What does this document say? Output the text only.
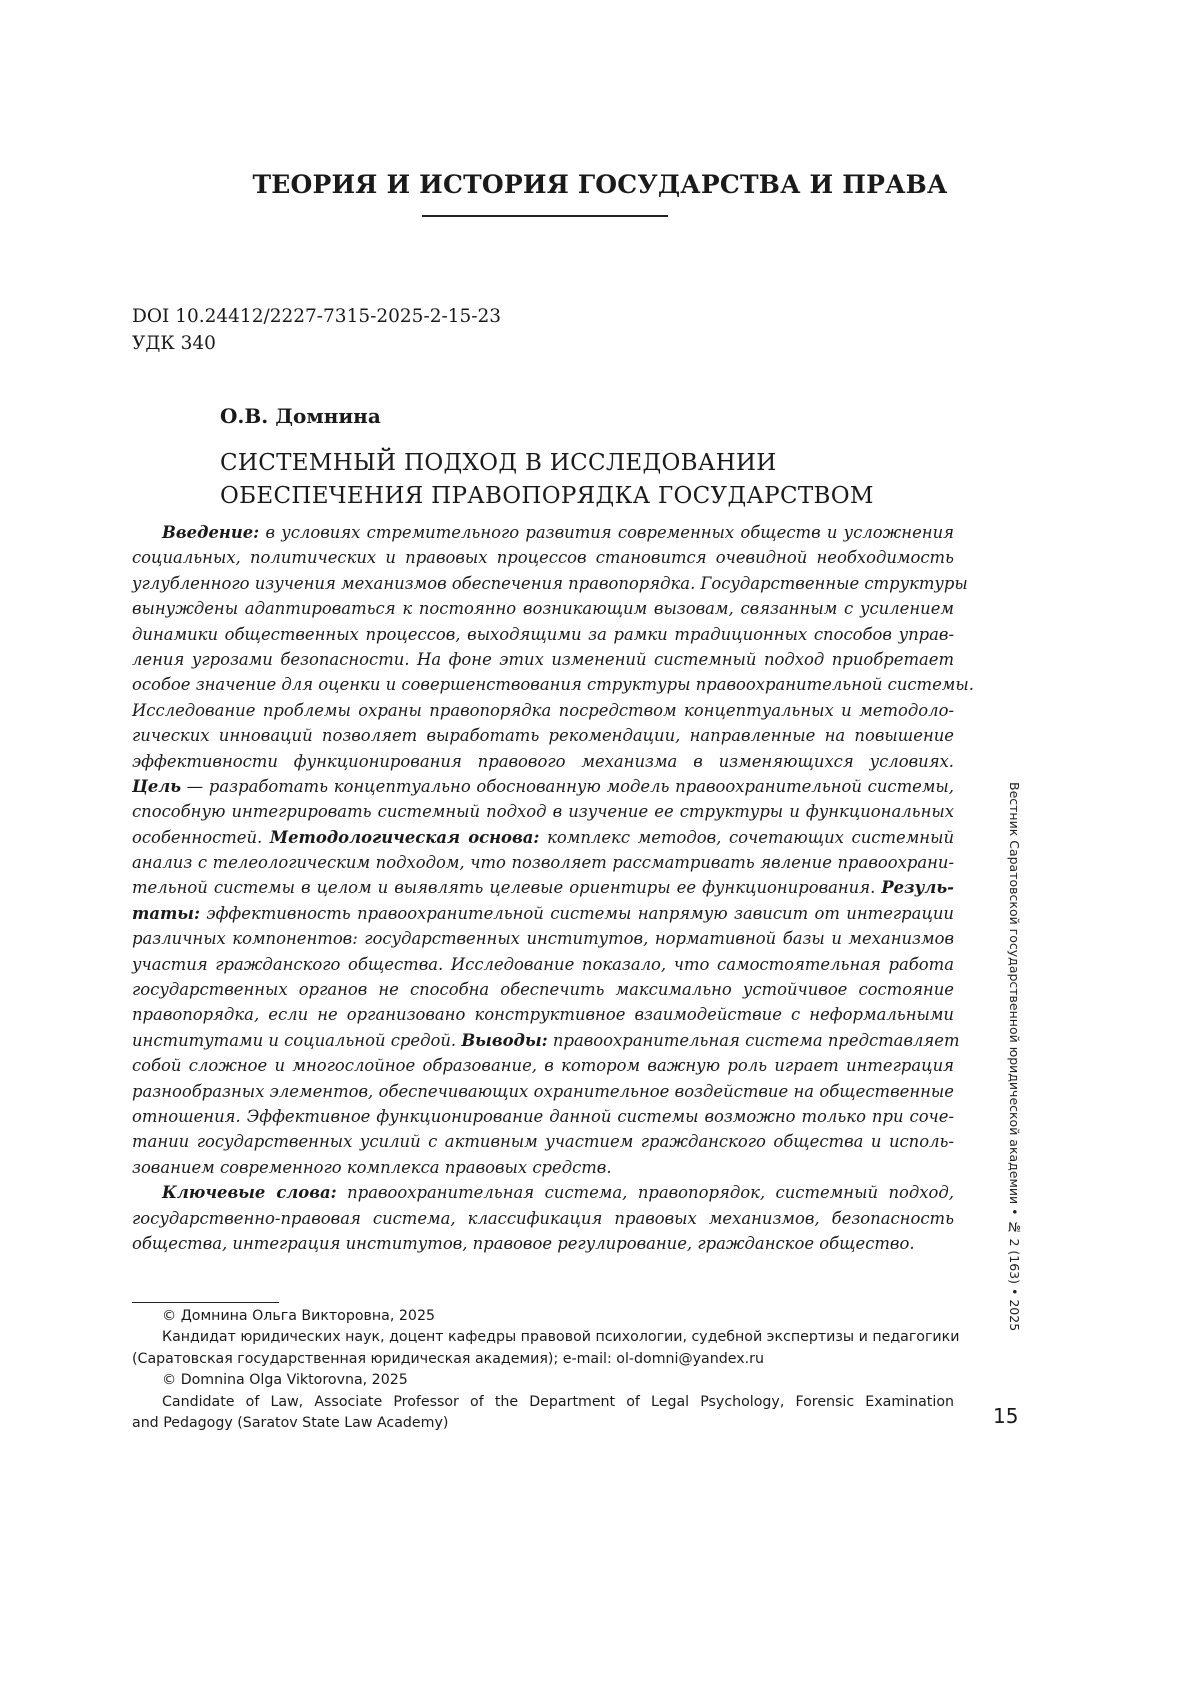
ТЕОРИЯ И ИСТОРИЯ ГОСУДАРСТВА И ПРАВА
DOI 10.24412/2227-7315-2025-2-15-23
УДК 340
О.В. Домнина
СИСТЕМНЫЙ ПОДХОД В ИССЛЕДОВАНИИ
ОБЕСПЕЧЕНИЯ ПРАВОПОРЯДКА ГОСУДАРСТВОМ
Введение: в условиях стремительного развития современных обществ и усложнения
социальных, политических и правовых процессов становится очевидной необходимость
углубленного изучения механизмов обеспечения правопорядка. Государственные структуры
вынуждены адаптироваться к постоянно возникающим вызовам, связанным с усилением
динамики общественных процессов, выходящими за рамки традиционных способов управ-
ления угрозами безопасности. На фоне этих изменений системный подход приобретает
особое значение для оценки и совершенствования структуры правоохранительной системы.
Исследование проблемы охраны правопорядка посредством концептуальных и методоло-
гических инноваций позволяет выработать рекомендации, направленные на повышение
эффективности функционирования правового механизма в изменяющихся условиях.
Цель — разработать концептуально обоснованную модель правоохранительной системы,
способную интегрировать системный подход в изучение ее структуры и функциональных
особенностей. Методологическая основа: комплекс методов, сочетающих системный
анализ с телеологическим подходом, что позволяет рассматривать явление правоохрани-
тельной системы в целом и выявлять целевые ориентиры ее функционирования. Резуль-
таты: эффективность правоохранительной системы напрямую зависит от интеграции
различных компонентов: государственных институтов, нормативной базы и механизмов
участия гражданского общества. Исследование показало, что самостоятельная работа
государственных органов не способна обеспечить максимально устойчивое состояние
правопорядка, если не организовано конструктивное взаимодействие с неформальными
институтами и социальной средой. Выводы: правоохранительная система представляет
собой сложное и многослойное образование, в котором важную роль играет интеграция
разнообразных элементов, обеспечивающих охранительное воздействие на общественные
отношения. Эффективное функционирование данной системы возможно только при соче-
тании государственных усилий с активным участием гражданского общества и исполь-
зованием современного комплекса правовых средств.
Ключевые слова: правоохранительная система, правопорядок, системный подход,
государственно-правовая система, классификация правовых механизмов, безопасность
общества, интеграция институтов, правовое регулирование, гражданское общество.	Вестник Саратовской государственной юридической академии • № 2 (163) • 2025
© Домнина Ольга Викторовна, 2025
Кандидат юридических наук, доцент кафедры правовой психологии, судебной экспертизы и педагогики
(Саратовская государственная юридическая академия); e-mail: ol-domni@yandex.ru
© Domnina Olga Viktorovna, 2025
Candidate of Law, Associate Professor of the Department of Legal Psychology, Forensic Examination
and Pedagogy (Saratov State Law Academy)	15
